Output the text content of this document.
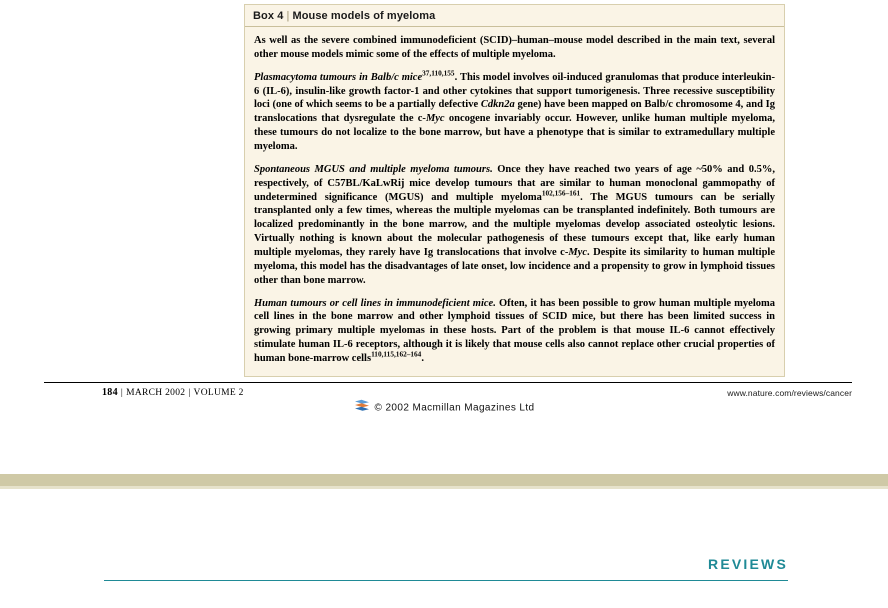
Box 4 | Mouse models of myeloma

As well as the severe combined immunodeficient (SCID)–human–mouse model described in the main text, several other mouse models mimic some of the effects of multiple myeloma.

Plasmacytoma tumours in Balb/c mice$^{37,110,155}$. This model involves oil-induced granulomas that produce interleukin-6 (IL-6), insulin-like growth factor-1 and other cytokines that support tumorigenesis. Three recessive susceptibility loci (one of which seems to be a partially defective Cdkn2a gene) have been mapped on Balb/c chromosome 4, and Ig translocations that dysregulate the c-Myc oncogene invariably occur. However, unlike human multiple myeloma, these tumours do not localize to the bone marrow, but have a phenotype that is similar to extramedullary multiple myeloma.

Spontaneous MGUS and multiple myeloma tumours. Once they have reached two years of age ~50% and 0.5%, respectively, of C57BL/KaLwRij mice develop tumours that are similar to human monoclonal gammopathy of undetermined significance (MGUS) and multiple myeloma$^{102,156-161}$. The MGUS tumours can be serially transplanted only a few times, whereas the multiple myelomas can be transplanted indefinitely. Both tumours are localized predominantly in the bone marrow, and the multiple myelomas develop associated osteolytic lesions. Virtually nothing is known about the molecular pathogenesis of these tumours except that, like early human multiple myelomas, they rarely have Ig translocations that involve c-Myc. Despite its similarity to human multiple myeloma, this model has the disadvantages of late onset, low incidence and a propensity to grow in lymphoid tissues other than bone marrow.

Human tumours or cell lines in immunodeficient mice. Often, it has been possible to grow human multiple myeloma cell lines in the bone marrow and other lymphoid tissues of SCID mice, but there has been limited success in growing primary multiple myelomas in these hosts. Part of the problem is that mouse IL-6 cannot effectively stimulate human IL-6 receptors, although it is likely that mouse cells also cannot replace other crucial properties of human bone-marrow cells$^{110,115,162-164}$.

184 | MARCH 2002 | VOLUME 2	www.nature.com/reviews/cancer
© 2002 Macmillan Magazines Ltd
REVIEWS
